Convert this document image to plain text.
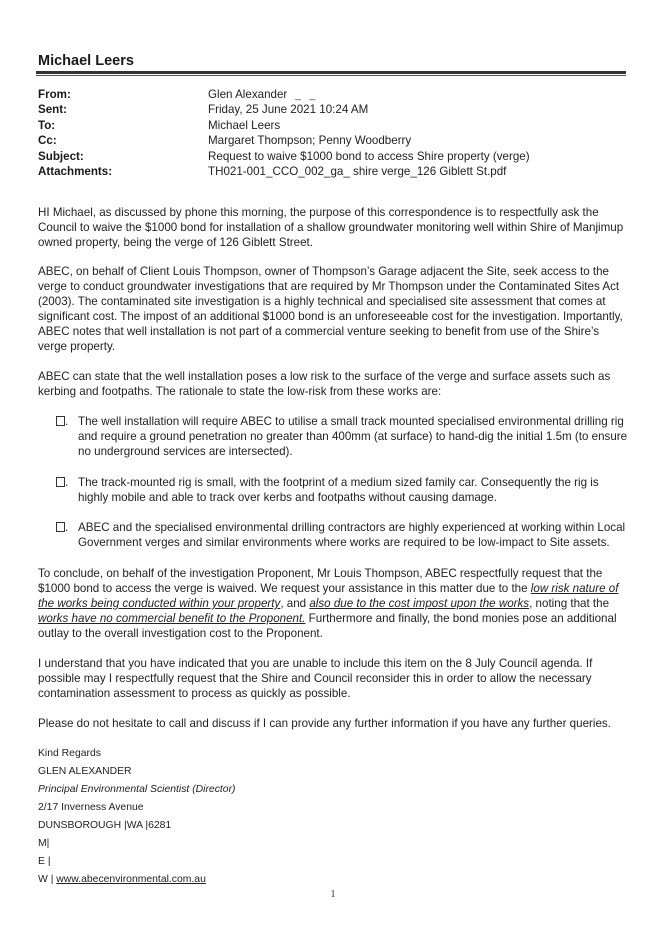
Michael Leers
From:	Glen Alexander _ _
Sent:	Friday, 25 June 2021 10:24 AM
To:	Michael Leers
Cc:	Margaret Thompson; Penny Woodberry
Subject:	Request to waive $1000 bond to access Shire property (verge)
Attachments:	TH021-001_CCO_002_ga_ shire verge_126 Giblett St.pdf
HI Michael, as discussed by phone this morning, the purpose of this correspondence is to respectfully ask the Council to waive the $1000 bond for installation of a shallow groundwater monitoring well within Shire of Manjimup owned property, being the verge of 126 Giblett Street.
ABEC, on behalf of Client Louis Thompson, owner of Thompson’s Garage adjacent the Site, seek access to the verge to conduct groundwater investigations that are required by Mr Thompson under the Contaminated Sites Act (2003). The contaminated site investigation is a highly technical and specialised site assessment that comes at significant cost. The impost of an additional $1000 bond is an unforeseeable cost for the investigation. Importantly, ABEC notes that well installation is not part of a commercial venture seeking to benefit from use of the Shire’s verge property.
ABEC can state that the well installation poses a low risk to the surface of the verge and surface assets such as kerbing and footpaths. The rationale to state the low-risk from these works are:
. The well installation will require ABEC to utilise a small track mounted specialised environmental drilling rig and require a ground penetration no greater than 400mm (at surface) to hand-dig the initial 1.5m (to ensure no underground services are intersected).
. The track-mounted rig is small, with the footprint of a medium sized family car. Consequently the rig is highly mobile and able to track over kerbs and footpaths without causing damage.
. ABEC and the specialised environmental drilling contractors are highly experienced at working within Local Government verges and similar environments where works are required to be low-impact to Site assets.
To conclude, on behalf of the investigation Proponent, Mr Louis Thompson, ABEC respectfully request that the $1000 bond to access the verge is waived. We request your assistance in this matter due to the low risk nature of the works being conducted within your property, and also due to the cost impost upon the works, noting that the works have no commercial benefit to the Proponent. Furthermore and finally, the bond monies pose an additional outlay to the overall investigation cost to the Proponent.
I understand that you have indicated that you are unable to include this item on the 8 July Council agenda. If possible may I respectfully request that the Shire and Council reconsider this in order to allow the necessary contamination assessment to process as quickly as possible.
Please do not hesitate to call and discuss if I can provide any further information if you have any further queries.
Kind Regards
GLEN ALEXANDER
Principal Environmental Scientist (Director)
2/17 Inverness Avenue
DUNSBOROUGH |WA |6281
M|
E |
W | www.abecenvironmental.com.au
1
